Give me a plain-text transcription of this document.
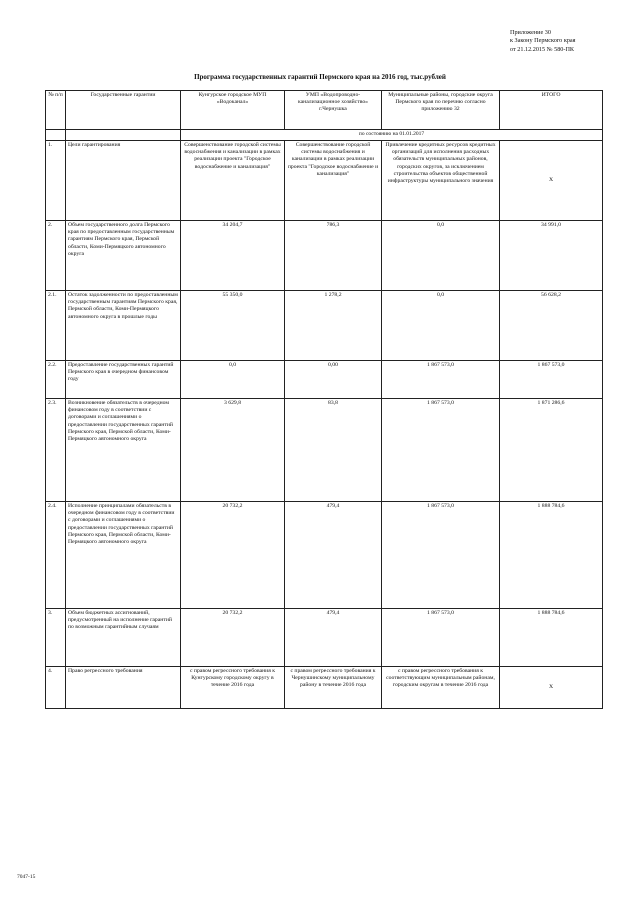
Приложение 30
к Закону Пермского края
от 21.12.2015 № 580-ПК
Программа государственных гарантий Пермского края на 2016 год, тыс.рублей
№ п/п	Государственные гарантии	Кунгурское городское МУП «Водоканал»	УМП «Водопроводно-канализационное хозяйство» г.Чернушка	Муниципальные районы, городские округа Пермского края по перечню согласно приложению 32	ИТОГО
		по состоянию на 01.01.2017			
1.	Цели гарантирования	Совершенствование городской системы водоснабжения и канализации в рамках реализации проекта "Городское водоснабжение и канализация"	Совершенствование городской системы водоснабжения и канализации в рамках реализации проекта "Городское водоснабжение и канализация"	Привлечение кредитных ресурсов кредитных организаций для исполнения расходных обязательств муниципальных районов, городских округов, за исключением строительства объектов общественной инфраструктуры муниципального значения	Х
2.	Объем государственного долга Пермского края по предоставленным государственным гарантиям Пермского края, Пермской области, Коми-Пермяцкого автономного округа	34 204,7	786,3	0,0	34 991,0
2.1.	Остаток задолженности по предоставленным государственным гарантиям Пермского края, Пермской области, Коми-Пермяцкого автономного округа в прошлые годы	55 350,0	1 278,2	0,0	56 628,2
2.2.	Предоставление государственных гарантий Пермского края в очередном финансовом году	0,0	0,00	1 867 573,0	1 867 573,0
2.3.	Возникновение обязательств в очередном финансовом году в соответствии с договорами и соглашениями о предоставлении государственных гарантий Пермского края, Пермской области, Коми-Пермяцкого автономного округа	3 629,8	83,8	1 867 573,0	1 871 286,6
2.4.	Исполнение принципалами обязательств в очередном финансовом году в соответствии с договорами и соглашениями о предоставлении государственных гарантий Пермского края, Пермской области, Коми-Пермяцкого автономного округа	20 732,2	479,4	1 867 573,0	1 888 784,6
3.	Объем бюджетных ассигнований, предусмотренный на исполнение гарантий по возможным гарантийным случаям	20 732,2	479,4	1 867 573,0	1 888 784,6
4.	Право регрессного требования	с правом регрессного требования к Кунгурскому городскому округу в течение 2016 года	с правом регрессного требования к Чернушинскому муниципальному району в течение 2016 года	с правом регрессного требования к соответствующим муниципальным районам, городским округам в течение 2016 года	Х
7047-15
